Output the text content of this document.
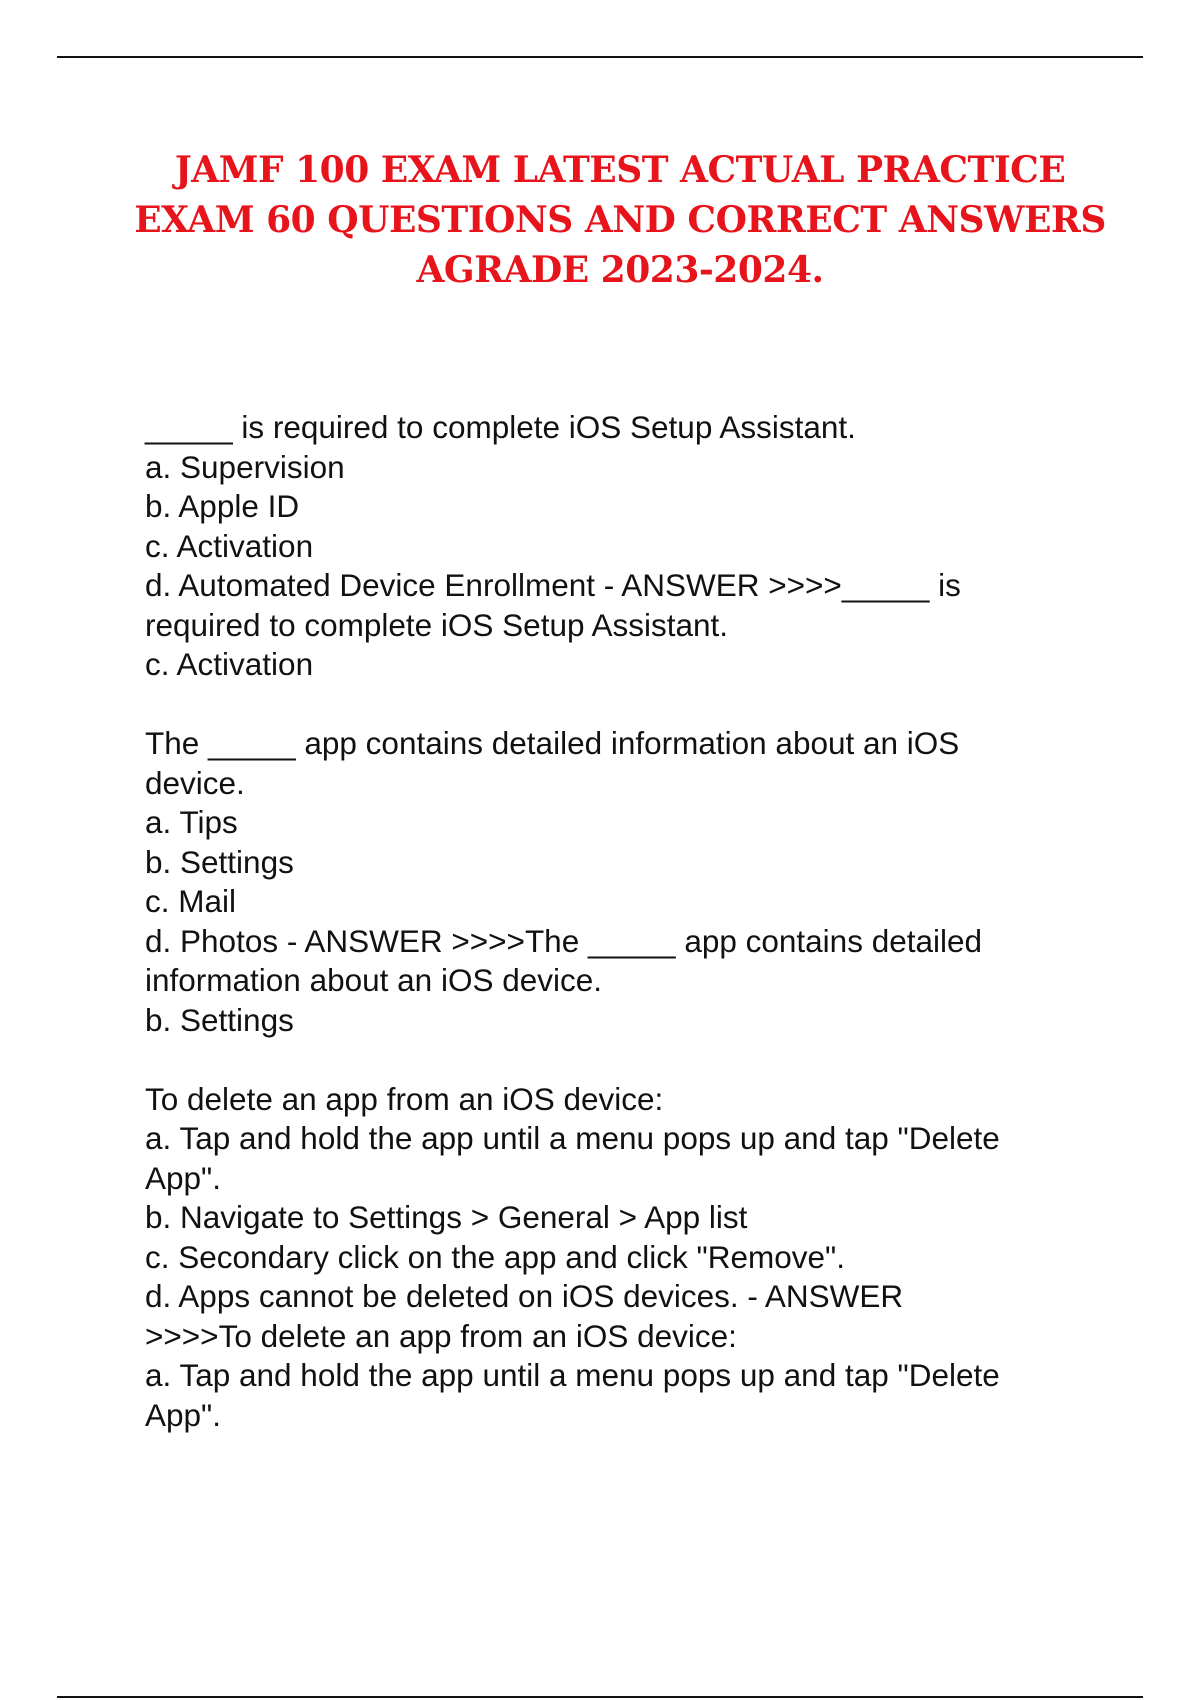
JAMF 100 EXAM LATEST ACTUAL PRACTICE
EXAM 60 QUESTIONS AND CORRECT ANSWERS
AGRADE 2023-2024.
_____ is required to complete iOS Setup Assistant.
a. Supervision
b. Apple ID
c. Activation
d. Automated Device Enrollment - ANSWER >>>>_____ is
required to complete iOS Setup Assistant.
c. Activation
The _____ app contains detailed information about an iOS
device.
a. Tips
b. Settings
c. Mail
d. Photos - ANSWER >>>>The _____ app contains detailed
information about an iOS device.
b. Settings
To delete an app from an iOS device:
a. Tap and hold the app until a menu pops up and tap "Delete
App".
b. Navigate to Settings > General > App list
c. Secondary click on the app and click "Remove".
d. Apps cannot be deleted on iOS devices. - ANSWER
>>>>To delete an app from an iOS device:
a. Tap and hold the app until a menu pops up and tap "Delete
App".
